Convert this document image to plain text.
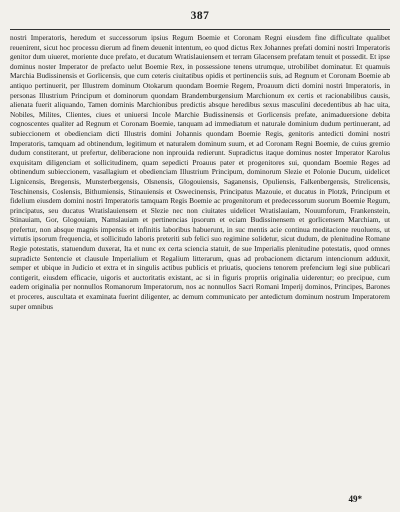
387

nostri Imperatoris, heredum et successorum ipsius Regum Boemie et Coronam Regni eiusdem fine difficultate qualibet reuenirent, sicut hoc processu dierum ad finem deuenit intentum, eo quod dictus Rex Johannes prefati domini nostri Imperatoris genitor dum uiueret, moriente duce prefato, et ducatum Wratislauiensem et terram Glacensem prefatam tenuit et possedit. Et ipse dominus noster Imperator de prefacto uelut Boemie Rex, in possessione tenens utrumque, utrobilibet dominatur. Et quamuis Marchia Budissinensis et Gorlicensis, que cum ceteris ciuitatibus opidis et pertinenciis suis, ad Regnum et Coronam Boemie ab antiquo pertinuerit, per Illustrem dominum Otokarum quondam Boemie Regem, Proauum dicti domini nostri Imperatoris, in personas Illustrium Principum et dominorum quondam Brandemburgensium Marchionum ex certis et racionabilibus causis, alienata fuerit aliquando, Tamen dominis Marchionibus predictis absque heredibus sexus masculini decedentibus ab hac uita, Nobiles, Milites, Clientes, ciues et uniuersi Incole Marchie Budissinensis et Gorlicensis prefate, animaduersione debita cognoscentes qualiter ad Regnum et Coronam Boemie, tanquam ad immediatum et naturale dominium dudum pertinuerant, ad subieccionem et obedienciam dicti Illustris domini Johannis quondam Boemie Regis, genitoris antedicti domini nostri Imperatoris, tamquam ad obtinendum, legitimum et naturalem dominum suum, et ad Coronam Regni Boemie, de cuius gremio dudum constiterant, ut prefertur, deliberacione non inprouida redierunt. Supradictus itaque dominus noster Imperator Karolus exquisitam diligenciam et sollicitudinem, quam sepedicti Proauus pater et progenitores sui, quondam Boemie Reges ad obtinendum subieccionem, vasallagium et obedienciam Illustrium Principum, dominorum Slezie et Polonie Ducum, uidelicet Lignicensis, Bregensis, Munsterbergensis, Olsnensis, Glogouiensis, Saganensis, Opuliensis, Falkenbergensis, Strelicensis, Teschinensis, Coslensis, Bithumiensis, Stinauiensis et Oswecinensis, Principatus Mazouie, et ducatus in Plotzk, Principum et fidelium eiusdem domini nostri Imperatoris tamquam Regis Boemie ac progenitorum et predecessorum suorum Boemie Regum, principatus, seu ducatus Wratislauiensem et Slezie nec non ciuitates uidelicet Wratislauiam, Nouumforum, Frankenstein, Stinauiam, Gor, Glogouiam, Namslauiam et pertinencias ipsorum et eciam Budissinensem et gorlicensem Marchiam, ut prefertur, non absque magnis impensis et infinitis laboribus habuerunt, in suc mentis acie continua meditacione reuoluens, ut virtutis ipsorum frequencia, et sollicitudo laboris preteriti sub felici suo regimine solidetur, sicut dudum, de plenitudine Romane Regie potestatis, statuendum duxerat, Ita et nunc ex certa sciencia statuit, de sue Imperialis plenitudine potestatis, quod omnes supradicte Sentencie et clausule Imperialium et Regalium litterarum, quas ad probacionem dictarum intencionum adduxit, semper et ubique in Judicio et extra et in singulis actibus publicis et priuatis, quociens tenorem prefencium legi siue publicari contigerit, eiusdem efficacie, uigoris et auctoritatis existant, ac si in figuris propriis originalia uiderentur; eo precipue, cum eadem originalia per nonnullos Romanorum Imperatorum, nos ac nonnullos Sacri Romani Imperij dominos, Principes, Barones et proceres, auscultata et examinata fuerint diligenter, ac demum communicato per antedictum dominum nostrum Imperatorem super omnibus

49*
